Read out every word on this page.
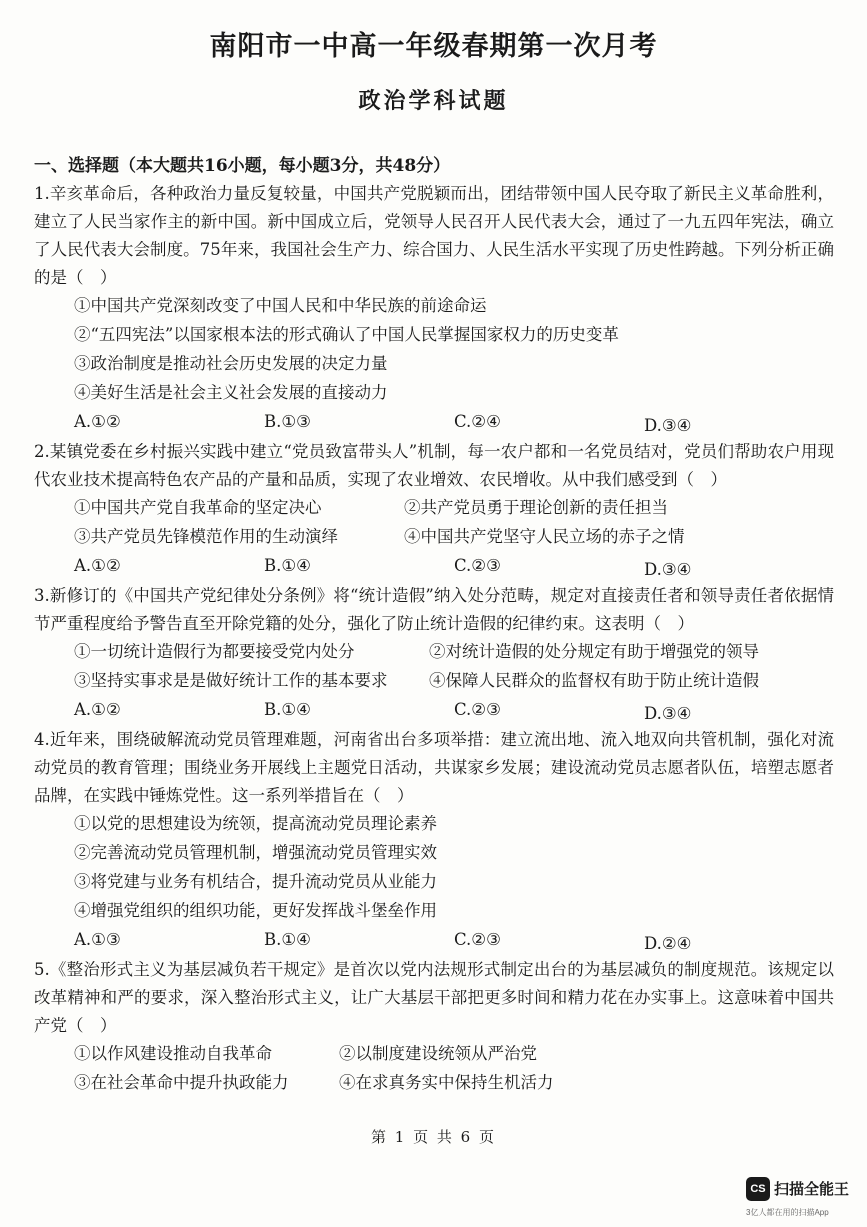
南阳市一中高一年级春期第一次月考
政治学科试题
一、选择题（本大题共16小题，每小题3分，共48分）
1.辛亥革命后，各种政治力量反复较量，中国共产党脱颖而出，团结带领中国人民夺取了新民主义革命胜利，建立了人民当家作主的新中国。新中国成立后，党领导人民召开人民代表大会，通过了一九五四年宪法，确立了人民代表大会制度。75年来，我国社会生产力、综合国力、人民生活水平实现了历史性跨越。下列分析正确的是（　）
①中国共产党深刻改变了中国人民和中华民族的前途命运
②“五四宪法”以国家根本法的形式确认了中国人民掌握国家权力的历史变革
③政治制度是推动社会历史发展的决定力量
④美好生活是社会主义社会发展的直接动力
A.①②	B.①③	C.②④	D.③④
2.某镇党委在乡村振兴实践中建立“党员致富带头人”机制，每一农户都和一名党员结对，党员们帮助农户用现代农业技术提高特色农产品的产量和品质，实现了农业增效、农民增收。从中我们感受到（　）
①中国共产党自我革命的坚定决心	②共产党员勇于理论创新的责任担当
③共产党员先锋模范作用的生动演绎	④中国共产党坚守人民立场的赤子之情
A.①②	B.①④	C.②③	D.③④
3.新修订的《中国共产党纪律处分条例》将“统计造假”纳入处分范畴，规定对直接责任者和领导责任者依据情节严重程度给予警告直至开除党籍的处分，强化了防止统计造假的纪律约束。这表明（　）
①一切统计造假行为都要接受党内处分	②对统计造假的处分规定有助于增强党的领导
③坚持实事求是是做好统计工作的基本要求	④保障人民群众的监督权有助于防止统计造假
A.①②	B.①④	C.②③	D.③④
4.近年来，围绕破解流动党员管理难题，河南省出台多项举措：建立流出地、流入地双向共管机制，强化对流动党员的教育管理；围绕业务开展线上主题党日活动，共谋家乡发展；建设流动党员志愿者队伍，培塑志愿者品牌，在实践中锤炼党性。这一系列举措旨在（　）
①以党的思想建设为统领，提高流动党员理论素养
②完善流动党员管理机制，增强流动党员管理实效
③将党建与业务有机结合，提升流动党员从业能力
④增强党组织的组织功能，更好发挥战斗堡垒作用
A.①③	B.①④	C.②③	D.②④
5.《整治形式主义为基层减负若干规定》是首次以党内法规形式制定出台的为基层减负的制度规范。该规定以改革精神和严的要求，深入整治形式主义，让广大基层干部把更多时间和精力花在办实事上。这意味着中国共产党（　）
①以作风建设推动自我革命	②以制度建设统领从严治党
③在社会革命中提升执政能力	④在求真务实中保持生机活力
第 1 页 共 6 页
CS 扫描全能王
3亿人都在用的扫描App
